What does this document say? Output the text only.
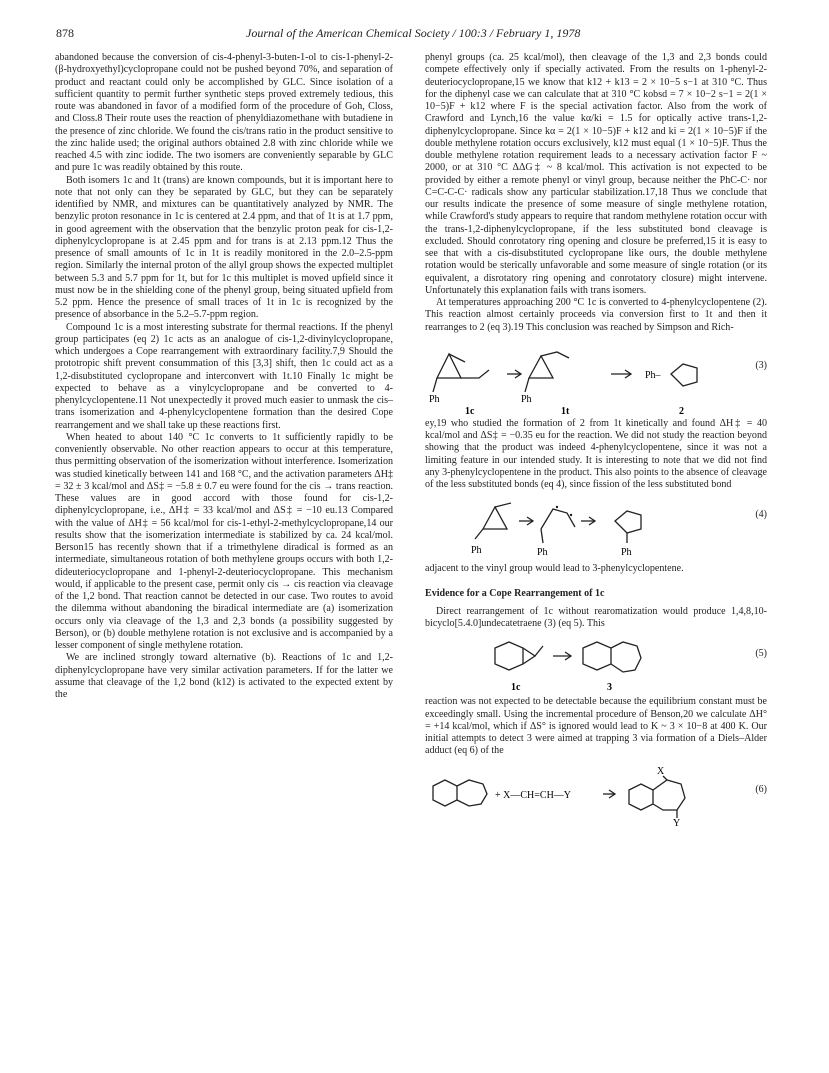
878	Journal of the American Chemical Society / 100:3 / February 1, 1978

abandoned because the conversion of cis-4-phenyl-3-buten-1-ol to cis-1-phenyl-2-(β-hydroxyethyl)cyclopropane could not be pushed beyond 70%, and separation of product and reactant could only be accomplished by GLC. Since isolation of a sufficient quantity to permit further synthetic steps proved extremely tedious, this route was abandoned in favor of a modified form of the procedure of Goh, Closs, and Closs.8 Their route uses the reaction of phenyldiazomethane with butadiene in the presence of zinc chloride. We found the cis/trans ratio in the product sensitive to the zinc halide used; the original authors obtained 2.8 with zinc chloride while we reached 4.5 with zinc iodide. The two isomers are conveniently separable by GLC and pure 1c was readily obtained by this route.

Both isomers 1c and 1t (trans) are known compounds, but it is important here to note that not only can they be separated by GLC, but they can be separately identified by NMR, and mixtures can be quantitatively analyzed by NMR. The benzylic proton resonance in 1c is centered at 2.4 ppm, and that of 1t is at 1.7 ppm, in good agreement with the observation that the benzylic proton peak for cis-1,2-diphenylcyclopropane is at 2.45 ppm and for trans is at 2.13 ppm.12 Thus the presence of small amounts of 1c in 1t is readily monitored in the 2.0–2.5-ppm region. Similarly the internal proton of the allyl group shows the expected multiplet between 5.3 and 5.7 ppm for 1t, but for 1c this multiplet is moved upfield since it must now be in the shielding cone of the phenyl group, being situated upfield from 5.2 ppm. Hence the presence of small traces of 1t in 1c is recognized by the presence of absorbance in the 5.2–5.7-ppm region.

Compound 1c is a most interesting substrate for thermal reactions. If the phenyl group participates (eq 2) 1c acts as an analogue of cis-1,2-divinylcyclopropane, which undergoes a Cope rearrangement with extraordinary facility.7,9 Should the prototropic shift prevent consummation of this [3,3] shift, then 1c could act as a 1,2-disubstituted cyclopropane and interconvert with 1t.10 Finally 1c might be expected to behave as a vinylcyclopropane and be converted to 4-phenylcyclopentene.11 Not unexpectedly it proved much easier to unmask the cis–trans isomerization and 4-phenylcyclopentene formation than the desired Cope rearrangement and we shall take up these reactions first.

When heated to about 140 °C 1c converts to 1t sufficiently rapidly to be conveniently observable. No other reaction appears to occur at this temperature, thus permitting observation of the isomerization without interference. Isomerization was studied kinetically between 141 and 168 °C, and the activation parameters ΔH‡ = 32 ± 3 kcal/mol and ΔS‡ = −5.8 ± 0.7 eu were found for the cis → trans reaction. These values are in good accord with those found for cis-1,2-diphenylcyclopropane, i.e., ΔH‡ = 33 kcal/mol and ΔS‡ = −10 eu.13 Compared with the value of ΔH‡ = 56 kcal/mol for cis-1-ethyl-2-methylcyclopropane,14 our results show that the isomerization intermediate is stabilized by ca. 24 kcal/mol. Berson15 has recently shown that if a trimethylene diradical is formed as an intermediate, simultaneous rotation of both methylene groups occurs with both 1,2-dideuteriocyclopropane and 1-phenyl-2-deuteriocyclopropane. This mechanism would, if applicable to the present case, permit only cis → cis reaction via cleavage of the 1,2 bond. That reaction cannot be detected in our case. Two routes to avoid the dilemma without abandoning the biradical intermediate are (a) isomerization occurs only via cleavage of the 1,3 and 2,3 bonds (a possibility suggested by Berson), or (b) double methylene rotation is not exclusive and is accompanied by a lesser component of single methylene rotation.

We are inclined strongly toward alternative (b). Reactions of 1c and 1,2-diphenylcyclopropane have very similar activation parameters. If for the latter we assume that cleavage of the 1,2 bond (k12) is activated to the expected extent by the

phenyl groups (ca. 25 kcal/mol), then cleavage of the 1,3 and 2,3 bonds could compete effectively only if specially activated. From the results on 1-phenyl-2-deuteriocyclopropane,15 we know that k12 + k13 = 2 × 10−5 s−1 at 310 °C. Thus for the diphenyl case we can calculate that at 310 °C kobsd = 7 × 10−2 s−1 = 2(1 × 10−5)F + k12 where F is the special activation factor. Also from the work of Crawford and Lynch,16 the value kα/ki = 1.5 for optically active trans-1,2-diphenylcyclopropane. Since kα = 2(1 × 10−5)F + k12 and ki = 2(1 × 10−5)F if the double methylene rotation occurs exclusively, k12 must equal (1 × 10−5)F. Thus the double methylene rotation requirement leads to a necessary activation factor F ~ 2000, or at 310 °C ΔΔG‡ ~ 8 kcal/mol. This activation is not expected to be provided by either a remote phenyl or vinyl group, because neither the PhC-C· nor C=C-C-C· radicals show any particular stabilization.17,18 Thus we conclude that our results indicate the presence of some measure of single methylene rotation, while Crawford's study appears to require that random methylene rotation occur with the trans-1,2-diphenylcyclopropane, if the less substituted bond cleavage is excluded. Should conrotatory ring opening and closure be preferred,15 it is easy to see that with a cis-disubstituted cyclopropane like ours, the double methylene rotation would be sterically unfavorable and some measure of single rotation (or its equivalent, a disrotatory ring opening and conrotatory closure) might intervene. Unfortunately this explanation fails with trans isomers.

At temperatures approaching 200 °C 1c is converted to 4-phenylcyclopentene (2). This reaction almost certainly proceeds via conversion first to 1t and then it rearranges to 2 (eq 3).19 This conclusion was reached by Simpson and Rich-

Ph	Ph
Ph–
1c	1t	2
(3)

ey,19 who studied the formation of 2 from 1t kinetically and found ΔH‡ = 40 kcal/mol and ΔS‡ = −0.35 eu for the reaction. We did not study the reaction beyond showing that the product was indeed 4-phenylcyclopentene, since it was not a limiting feature in our intended study. It is interesting to note that we did not find any 3-phenylcyclopentene in the product. This also points to the absence of cleavage of the less substituted bonds (eq 4), since fission of the less substituted bond

Ph	Ph	Ph
(4)

adjacent to the vinyl group would lead to 3-phenylcyclopentene.

Evidence for a Cope Rearrangement of 1c

Direct rearrangement of 1c without rearomatization would produce 1,4,8,10-bicyclo[5.4.0]undecatetraene (3) (eq 5). This

1c	3
(5)

reaction was not expected to be detectable because the equilibrium constant must be exceedingly small. Using the incremental procedure of Benson,20 we calculate ΔH° = +14 kcal/mol, which if ΔS° is ignored would lead to K ~ 3 × 10−8 at 400 K. Our initial attempts to detect 3 were aimed at trapping 3 via formation of a Diels–Alder adduct (eq 6) of the

+ X—CH=CH—Y
X
Y
(6)
